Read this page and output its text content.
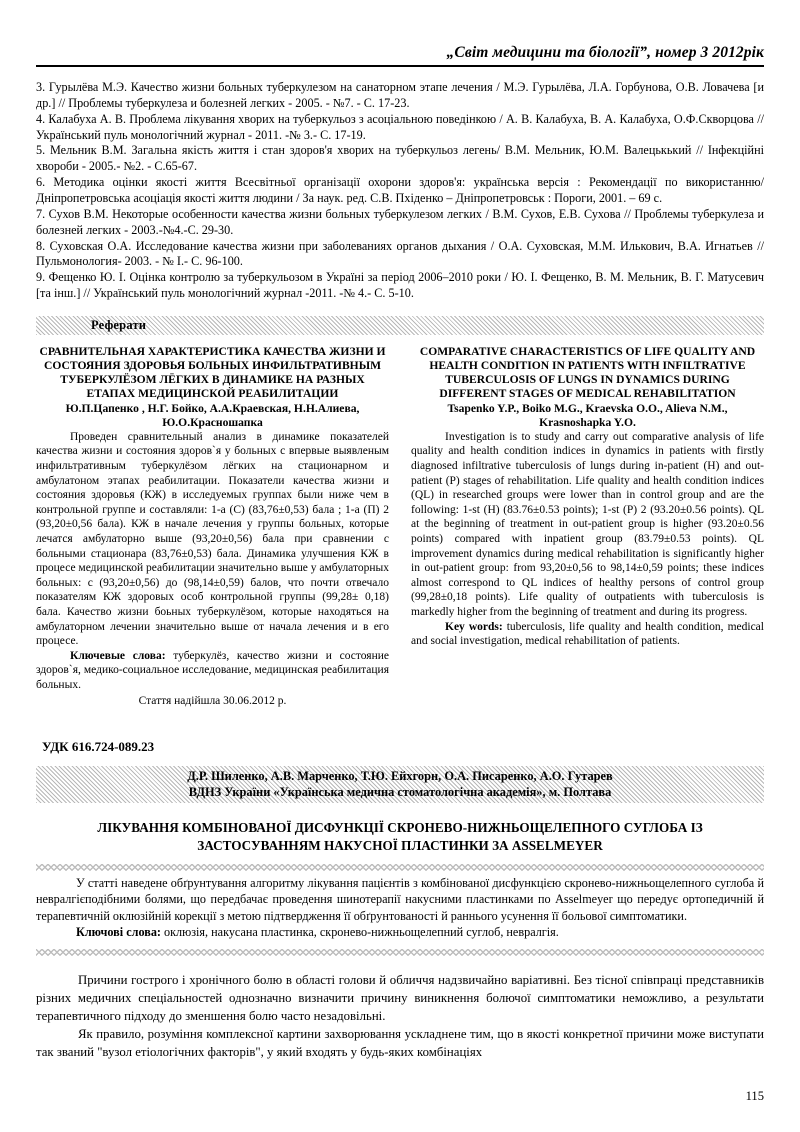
„Світ медицини та біології”, номер 3 2012рік

3. Гурылёва М.Э. Качество жизни больных туберкулезом на санаторном этапе лечения / М.Э. Гурылёва, Л.А. Горбунова, О.В. Ловачева [и др.] // Проблемы туберкулеза и болезней легких - 2005. - №7. - С. 17-23.

4. Калабуха А. В. Проблема лікування хворих на туберкульоз з асоціальною поведінкою / А. В. Калабуха, В. А. Калабуха, О.Ф.Скворцова // Український пуль монологічний журнал - 2011. -№ 3.- С. 17-19.

5. Мельник В.М. Загальна якість життя і стан здоров'я хворих на туберкульоз легень/ В.М. Мельник, Ю.М. Валецькький // Інфекційні хвороби - 2005.- №2. - С.65-67.

6. Методика оцінки якості життя Всесвітньої організації охорони здоров'я: українська версія : Рекомендації по використанню/Дніпропетровська асоціація якості життя людини / За наук. ред. С.В. Пхіденко – Дніпропетровськ : Пороги, 2001. – 69 с.

7. Сухов В.М. Некоторые особенности качества жизни больных туберкулезом легких / В.М. Сухов, Е.В. Сухова // Проблемы туберкулеза и болезней легких - 2003.-№4.-С. 29-30.

8. Суховская О.А. Исследование качества жизни при заболеваниях органов дыхания / О.А. Суховская, М.М. Илькович, В.А. Игнатьев // Пульмонология- 2003. - № I.- С. 96-100.

9. Фещенко Ю. І. Оцінка контролю за туберкульозом в Україні за період 2006–2010 роки / Ю. І. Фещенко, В. М. Мельник, В. Г. Матусевич [та інш.] // Український пуль монологічний журнал -2011. -№ 4.- С. 5-10.

Реферати

СРАВНИТЕЛЬНАЯ ХАРАКТЕРИСТИКА КАЧЕСТВА ЖИЗНИ И СОСТОЯНИЯ ЗДОРОВЬЯ БОЛЬНЫХ ИНФИЛЬТРАТИВНЫМ ТУБЕРКУЛЁЗОМ ЛЁГКИХ В ДИНАМИКЕ НА РАЗНЫХ ЕТАПАХ МЕДИЦИНСКОЙ РЕАБИЛИТАЦИИ

Ю.П.Цапенко , Н.Г. Бойко, А.А.Краевская, Н.Н.Алиева, Ю.О.Красношапка

Проведен сравнительный анализ в динамике показателей качества жизни и состояния здоров`я у больных с впервые выявленым инфильтративным туберкулёзом лёгких на стационарном и амбулатоном этапах реабилитации. Показатели качества жизни и состояния здоровья (КЖ) в исследуемых группах были ниже чем в контрольной группе и составляли: 1-а (С) (83,76±0,53) бала ; 1-а (П) 2 (93,20±0,56 бала). КЖ в начале лечения у группы больных, которые лечатся амбулаторно выше (93,20±0,56) бала при сравнении с больными стационара (83,76±0,53) бала. Динамика улучшения КЖ в процесе медицинской реабилитации значительно выше у амбулаторных больных: с (93,20±0,56) до (98,14±0,59) балов, что почти отвечало показателям КЖ здоровых особ контрольной группы (99,28± 0,18) бала. Качество жизни боьных туберкулёзом, которые находяться на амбулаторном лечении значительно выше от начала лечения и в его процесе.

Ключевые слова: туберкулёз, качество жизни и состояние здоров`я, медико-социальное исследование, медицинская реабилитация больных.

Стаття надійшла 30.06.2012 р.

COMPARATIVE CHARACTERISTICS OF LIFE QUALITY AND HEALTH CONDITION IN PATIENTS WITH INFILTRATIVE TUBERCULOSIS OF LUNGS IN DYNAMICS DURING DIFFERENT STAGES OF MEDICAL REHABILITATION

Tsapenko Y.P., Boiko M.G., Kraevska O.O., Alieva N.M., Krasnoshapka Y.O.

Investigation is to study and carry out comparative analysis of life quality and health condition indices in dynamics in patients with firstly diagnosed infiltrative tuberculosis of lungs during in-patient (H) and out-patient (P) stages of rehabilitation. Life quality and health condition indices (QL) in researched groups were lower than in control group and are the following: 1-st (H) (83.76±0.53 points); 1-st (P) 2 (93.20±0.56 points). QL at the beginning of treatment in out-patient group is higher (93.20±0.56 points) compared with inpatient group (83.79±0.53 points). QL improvement dynamics during medical rehabilitation is significantly higher in out-patient group: from 93,20±0,56 to 98,14±0,59 points; these indices almost correspond to QL indices of healthy persons of control group (99,28±0,18 points). Life quality of outpatients with tuberculosis is markedly higher from the beginning of treatment and during its progress.

Key words: tuberculosis, life quality and health condition, medical and social investigation, medical rehabilitation of patients.

УДК 616.724-089.23
Д.Р. Шиленко, А.В. Марченко, Т.Ю. Ейхгорн, О.А. Писаренко, А.О. Гутарев
ВДНЗ України «Українська медична стоматологічна академія», м. Полтава
ЛІКУВАННЯ КОМБІНОВАНОЇ ДИСФУНКЦІЇ СКРОНЕВО-НИЖНЬОЩЕЛЕПНОГО СУГЛОБА ІЗ ЗАСТОСУВАННЯМ НАКУСНОЇ ПЛАСТИНКИ ЗА ASSELMEYER

У статті наведене обґрунтування алгоритму лікування пацієнтів з комбінованої дисфункцією скронево-нижньощелепного суглоба й невралгієподібними болями, що передбачає проведення шинотерапії накусними пластинками по Asselmeyer що передує ортопедичній й терапевтичній оклюзійній корекції з метою підтвердження її обґрунтованості й раннього усунення її больової симптоматики.

Ключові слова: оклюзія, накусана пластинка, скронево-нижньощелепний суглоб, невралгія.

Причини гострого і хронічного болю в області голови й обличчя надзвичайно варіативні. Без тісної співпраці представників різних медичних спеціальностей однозначно визначити причину виникнення болючої симптоматики неможливо, а результати терапевтичного підходу до зменшення болю часто незадовільні.

Як правило, розуміння комплексної картини захворювання ускладнене тим, що в якості конкретної причини може виступати так званий "вузол етіологічних факторів", у який входять у будь-яких комбінаціях

115
